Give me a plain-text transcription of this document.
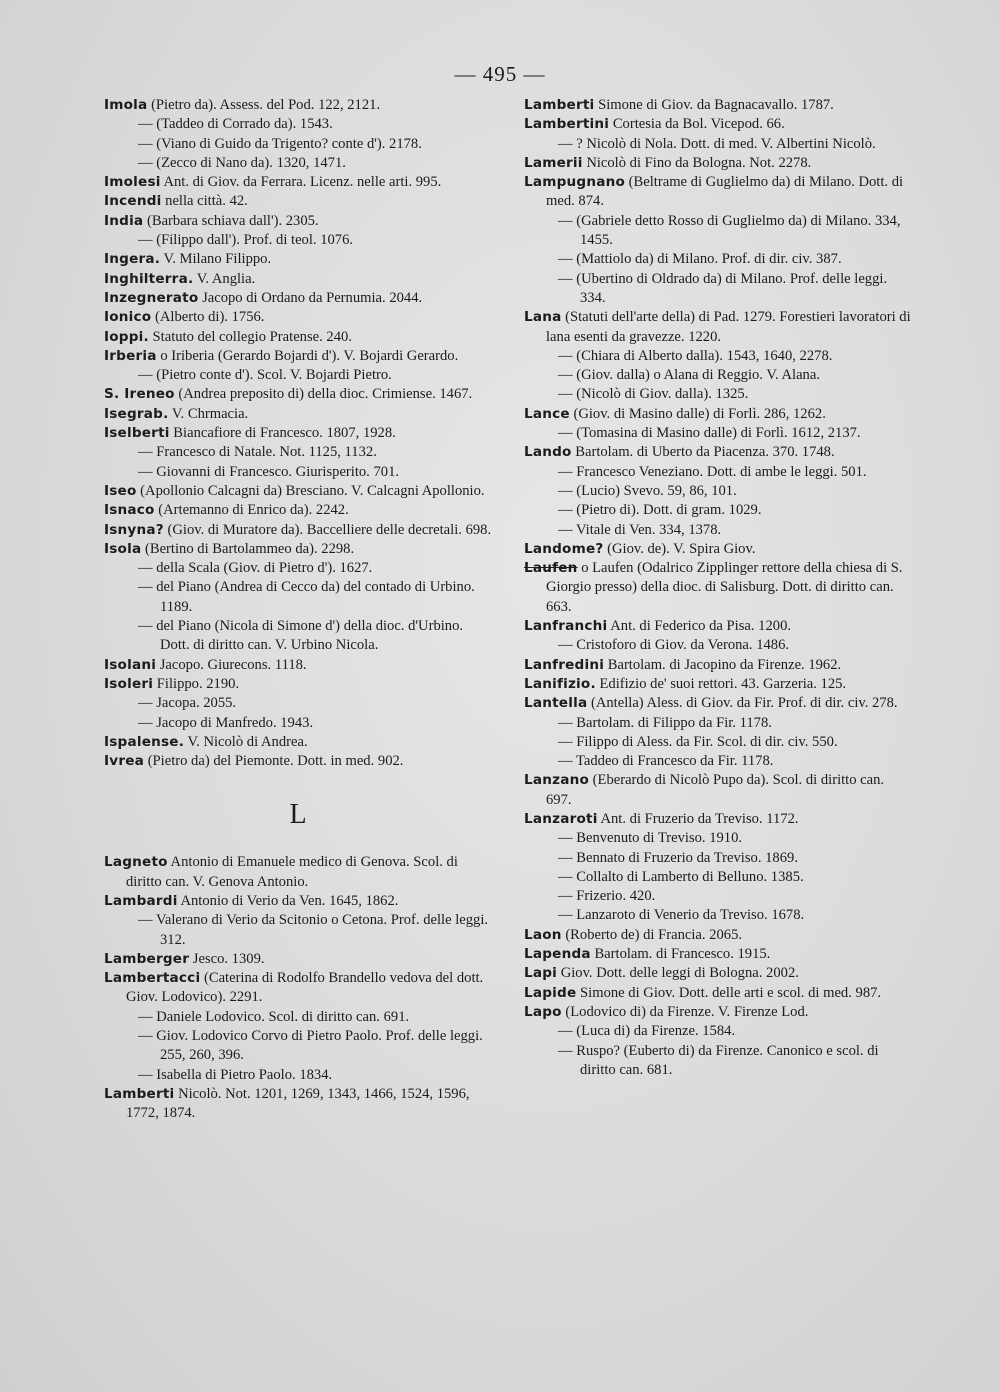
— 495 —

Imola (Pietro da). Assess. del Pod. 122, 2121.

— (Taddeo di Corrado da). 1543.

— (Viano di Guido da Trigento? conte d'). 2178.

— (Zecco di Nano da). 1320, 1471.

Imolesi Ant. di Giov. da Ferrara. Licenz. nelle arti. 995.

Incendi nella città. 42.

India (Barbara schiava dall'). 2305.

— (Filippo dall'). Prof. di teol. 1076.

Ingera. V. Milano Filippo.

Inghilterra. V. Anglia.

Inzegnerato Jacopo di Ordano da Pernumia. 2044.

Ionico (Alberto di). 1756.

Ioppi. Statuto del collegio Pratense. 240.

Irberia o Iriberia (Gerardo Bojardi d'). V. Bojardi Gerardo.

— (Pietro conte d'). Scol. V. Bojardi Pietro.

S. Ireneo (Andrea preposito di) della dioc. Crimiense. 1467.

Isegrab. V. Chrmacia.

Iselberti Biancafiore di Francesco. 1807, 1928.

— Francesco di Natale. Not. 1125, 1132.

— Giovanni di Francesco. Giurisperito. 701.

Iseo (Apollonio Calcagni da) Bresciano. V. Calcagni Apollonio.

Isnaco (Artemanno di Enrico da). 2242.

Isnyna? (Giov. di Muratore da). Baccelliere delle decretali. 698.

Isola (Bertino di Bartolammeo da). 2298.

— della Scala (Giov. di Pietro d'). 1627.

— del Piano (Andrea di Cecco da) del contado di Urbino. 1189.

— del Piano (Nicola di Simone d') della dioc. d'Urbino. Dott. di diritto can. V. Urbino Nicola.

Isolani Jacopo. Giurecons. 1118.

Isoleri Filippo. 2190.

— Jacopa. 2055.

— Jacopo di Manfredo. 1943.

Ispalense. V. Nicolò di Andrea.

Ivrea (Pietro da) del Piemonte. Dott. in med. 902.

L

Lagneto Antonio di Emanuele medico di Genova. Scol. di diritto can. V. Genova Antonio.

Lambardi Antonio di Verio da Ven. 1645, 1862.

— Valerano di Verio da Scitonio o Cetona. Prof. delle leggi. 312.

Lamberger Jesco. 1309.

Lambertacci (Caterina di Rodolfo Brandello vedova del dott. Giov. Lodovico). 2291.

— Daniele Lodovico. Scol. di diritto can. 691.

— Giov. Lodovico Corvo di Pietro Paolo. Prof. delle leggi. 255, 260, 396.

— Isabella di Pietro Paolo. 1834.

Lamberti Nicolò. Not. 1201, 1269, 1343, 1466, 1524, 1596, 1772, 1874.

Lamberti Simone di Giov. da Bagnacavallo. 1787.

Lambertini Cortesia da Bol. Vicepod. 66.

— ? Nicolò di Nola. Dott. di med. V. Albertini Nicolò.

Lamerii Nicolò di Fino da Bologna. Not. 2278.

Lampugnano (Beltrame di Guglielmo da) di Milano. Dott. di med. 874.

— (Gabriele detto Rosso di Guglielmo da) di Milano. 334, 1455.

— (Mattiolo da) di Milano. Prof. di dir. civ. 387.

— (Ubertino di Oldrado da) di Milano. Prof. delle leggi. 334.

Lana (Statuti dell'arte della) di Pad. 1279. Forestieri lavoratori di lana esenti da gravezze. 1220.

— (Chiara di Alberto dalla). 1543, 1640, 2278.

— (Giov. dalla) o Alana di Reggio. V. Alana.

— (Nicolò di Giov. dalla). 1325.

Lance (Giov. di Masino dalle) di Forlì. 286, 1262.

— (Tomasina di Masino dalle) di Forlì. 1612, 2137.

Lando Bartolam. di Uberto da Piacenza. 370. 1748.

— Francesco Veneziano. Dott. di ambe le leggi. 501.

— (Lucio) Svevo. 59, 86, 101.

— (Pietro di). Dott. di gram. 1029.

— Vitale di Ven. 334, 1378.

Landome? (Giov. de). V. Spira Giov.

Laufen o Laufen (Odalrico Zipplinger rettore della chiesa di S. Giorgio presso) della dioc. di Salisburg. Dott. di diritto can. 663.

Lanfranchi Ant. di Federico da Pisa. 1200.

— Cristoforo di Giov. da Verona. 1486.

Lanfredini Bartolam. di Jacopino da Firenze. 1962.

Lanifizio. Edifizio de' suoi rettori. 43. Garzeria. 125.

Lantella (Antella) Aless. di Giov. da Fir. Prof. di dir. civ. 278.

— Bartolam. di Filippo da Fir. 1178.

— Filippo di Aless. da Fir. Scol. di dir. civ. 550.

— Taddeo di Francesco da Fir. 1178.

Lanzano (Eberardo di Nicolò Pupo da). Scol. di diritto can. 697.

Lanzaroti Ant. di Fruzerio da Treviso. 1172.

— Benvenuto di Treviso. 1910.

— Bennato di Fruzerio da Treviso. 1869.

— Collalto di Lamberto di Belluno. 1385.

— Frizerio. 420.

— Lanzaroto di Venerio da Treviso. 1678.

Laon (Roberto de) di Francia. 2065.

Lapenda Bartolam. di Francesco. 1915.

Lapi Giov. Dott. delle leggi di Bologna. 2002.

Lapide Simone di Giov. Dott. delle arti e scol. di med. 987.

Lapo (Lodovico di) da Firenze. V. Firenze Lod.

— (Luca di) da Firenze. 1584.

— Ruspo? (Euberto di) da Firenze. Canonico e scol. di diritto can. 681.
